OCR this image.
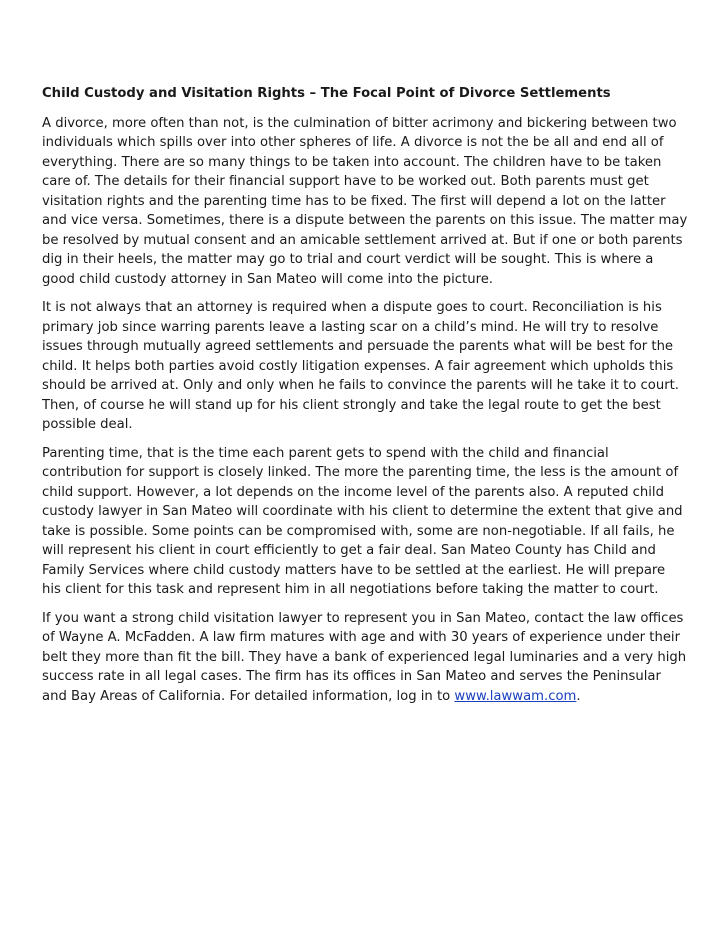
Child Custody and Visitation Rights – The Focal Point of Divorce Settlements

A divorce, more often than not, is the culmination of bitter acrimony and bickering between two individuals which spills over into other spheres of life. A divorce is not the be all and end all of everything. There are so many things to be taken into account. The children have to be taken care of. The details for their financial support have to be worked out. Both parents must get visitation rights and the parenting time has to be fixed. The first will depend a lot on the latter and vice versa. Sometimes, there is a dispute between the parents on this issue. The matter may be resolved by mutual consent and an amicable settlement arrived at. But if one or both parents dig in their heels, the matter may go to trial and court verdict will be sought. This is where a good child custody attorney in San Mateo will come into the picture.

It is not always that an attorney is required when a dispute goes to court. Reconciliation is his primary job since warring parents leave a lasting scar on a child’s mind. He will try to resolve issues through mutually agreed settlements and persuade the parents what will be best for the child. It helps both parties avoid costly litigation expenses. A fair agreement which upholds this should be arrived at. Only and only when he fails to convince the parents will he take it to court. Then, of course he will stand up for his client strongly and take the legal route to get the best possible deal.

Parenting time, that is the time each parent gets to spend with the child and financial contribution for support is closely linked. The more the parenting time, the less is the amount of child support. However, a lot depends on the income level of the parents also. A reputed child custody lawyer in San Mateo will coordinate with his client to determine the extent that give and take is possible. Some points can be compromised with, some are non-negotiable. If all fails, he will represent his client in court efficiently to get a fair deal. San Mateo County has Child and Family Services where child custody matters have to be settled at the earliest. He will prepare his client for this task and represent him in all negotiations before taking the matter to court.

If you want a strong child visitation lawyer to represent you in San Mateo, contact the law offices of Wayne A. McFadden. A law firm matures with age and with 30 years of experience under their belt they more than fit the bill. They have a bank of experienced legal luminaries and a very high success rate in all legal cases. The firm has its offices in San Mateo and serves the Peninsular and Bay Areas of California. For detailed information, log in to www.lawwam.com.
